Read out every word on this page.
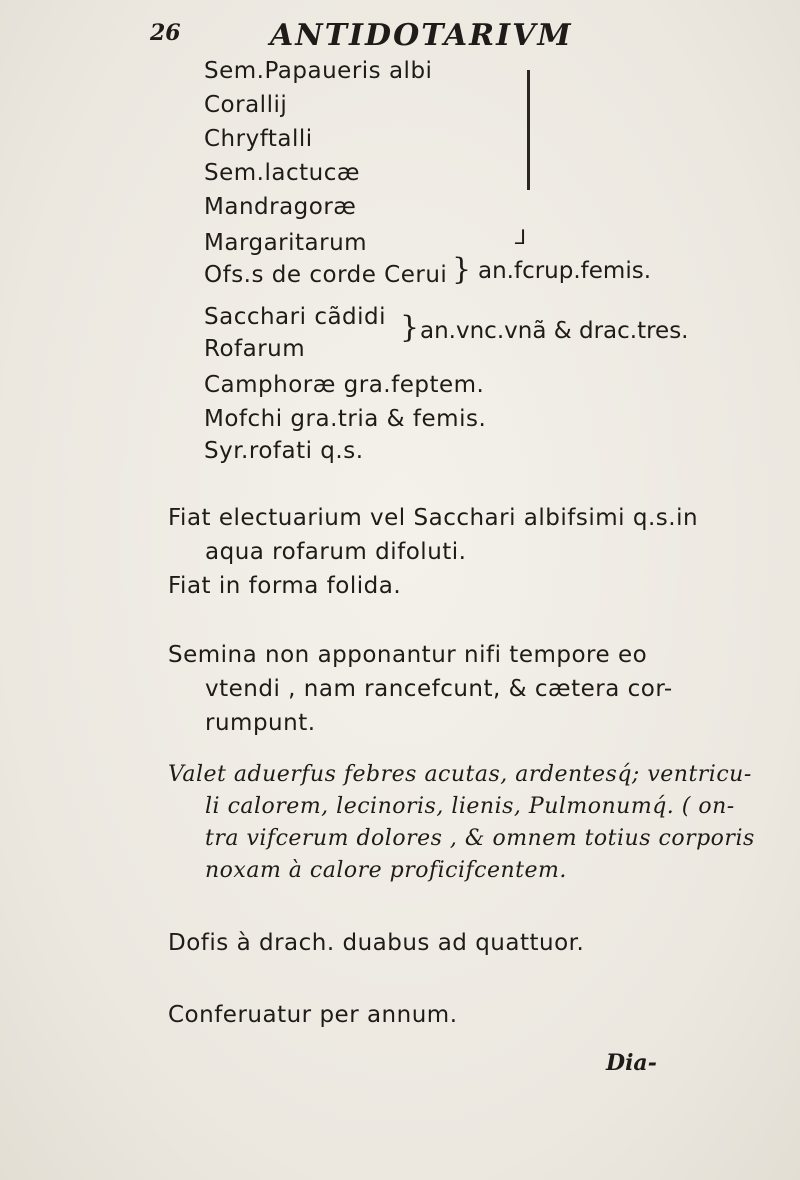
26	ANTIDOTARIVM
Sem.Papaueris albi
Corallij
Chryftalli
Sem.lactucæ
Mandragoræ
Margaritarum
Ofs.s de corde Cerui
Sacchari cãdidi
Rofarum
Camphoræ gra.feptem.
Mofchi gra.tria & femis.
Syr.rofati q.s.
⅃
} an.fcrup.femis.
} an.vnc.vnã & drac.tres.
Fiat electuarium vel Sacchari albifsimi q.s.in
aqua rofarum difoluti.
Fiat in forma folida.
Semina non apponantur nifi tempore eo
vtendi , nam rancefcunt, & cætera cor-
rumpunt.
Valet aduerfus febres acutas, ardentesq́; ventricu-
li calorem, lecinoris, lienis, Pulmonumq́. ( on-
tra vifcerum dolores , & omnem totius corporis
noxam à calore proficifcentem.
Dofis à drach. duabus ad quattuor.
Conferuatur per annum.
Dia-
